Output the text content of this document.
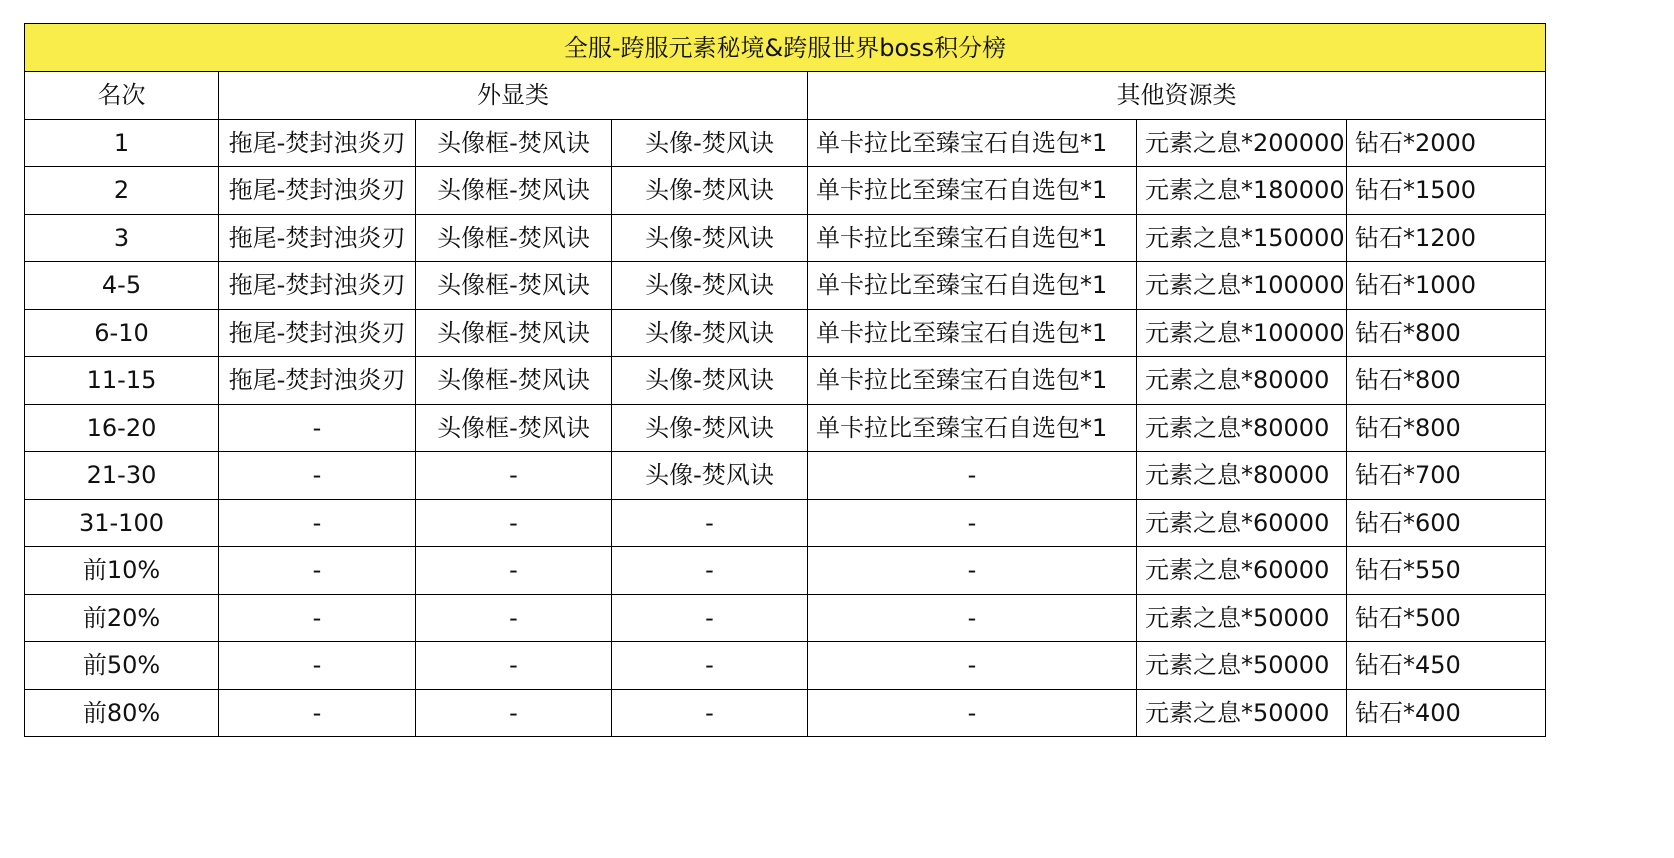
全服-跨服元素秘境&跨服世界boss积分榜						
名次	外显类			其他资源类		
1	拖尾-焚封浊炎刃	头像框-焚风诀	头像-焚风诀	单卡拉比至臻宝石自选包*1	元素之息*200000	钻石*2000
2	拖尾-焚封浊炎刃	头像框-焚风诀	头像-焚风诀	单卡拉比至臻宝石自选包*1	元素之息*180000	钻石*1500
3	拖尾-焚封浊炎刃	头像框-焚风诀	头像-焚风诀	单卡拉比至臻宝石自选包*1	元素之息*150000	钻石*1200
4-5	拖尾-焚封浊炎刃	头像框-焚风诀	头像-焚风诀	单卡拉比至臻宝石自选包*1	元素之息*100000	钻石*1000
6-10	拖尾-焚封浊炎刃	头像框-焚风诀	头像-焚风诀	单卡拉比至臻宝石自选包*1	元素之息*100000	钻石*800
11-15	拖尾-焚封浊炎刃	头像框-焚风诀	头像-焚风诀	单卡拉比至臻宝石自选包*1	元素之息*80000	钻石*800
16-20	-	头像框-焚风诀	头像-焚风诀	单卡拉比至臻宝石自选包*1	元素之息*80000	钻石*800
21-30	-	-	头像-焚风诀	-	元素之息*80000	钻石*700
31-100	-	-	-	-	元素之息*60000	钻石*600
前10%	-	-	-	-	元素之息*60000	钻石*550
前20%	-	-	-	-	元素之息*50000	钻石*500
前50%	-	-	-	-	元素之息*50000	钻石*450
前80%	-	-	-	-	元素之息*50000	钻石*400
